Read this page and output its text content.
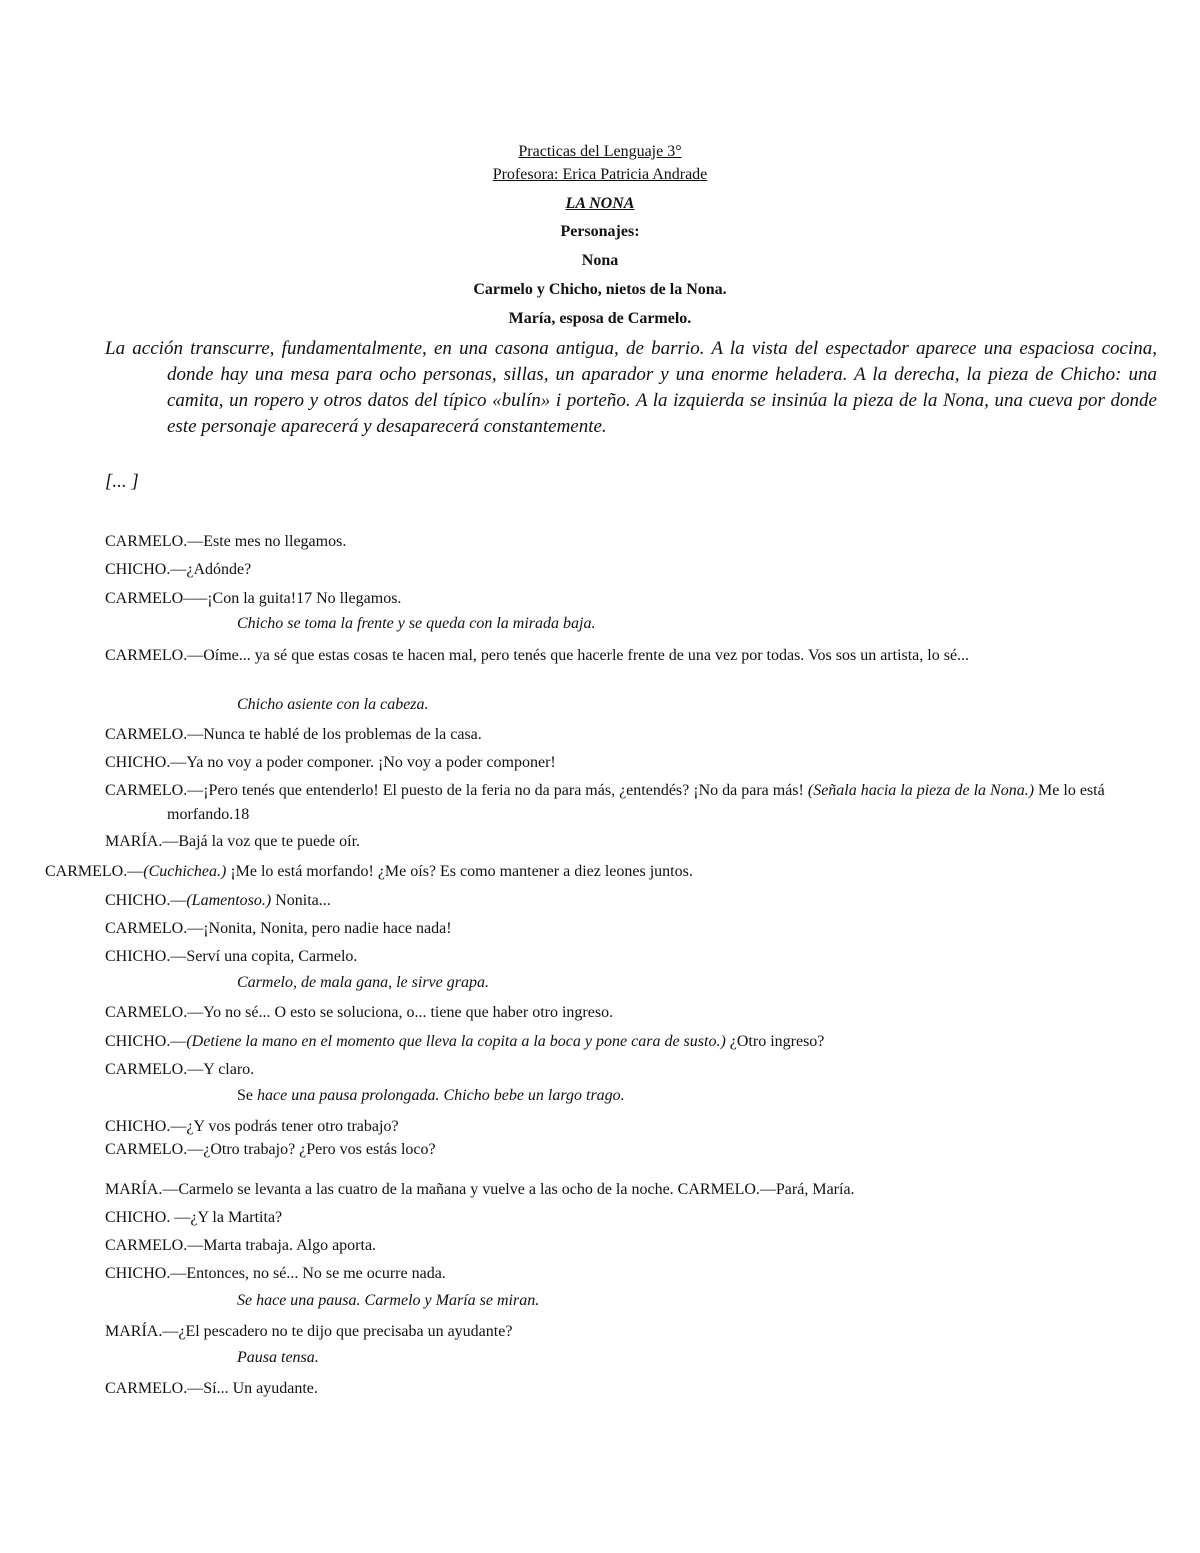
Practicas del Lenguaje 3°
Profesora: Erica Patricia Andrade
LA NONA
Personajes:
Nona
Carmelo y Chicho, nietos de la Nona.
María, esposa de Carmelo.
La acción transcurre, fundamentalmente, en una casona antigua, de barrio. A la vista del espectador aparece una espaciosa cocina, donde hay una mesa para ocho personas, sillas, un aparador y una enorme heladera. A la derecha, la pieza de Chicho: una camita, un ropero y otros datos del típico «bulín» i porteño. A la izquierda se insinúa la pieza de la Nona, una cueva por donde este personaje aparecerá y desaparecerá constantemente.
[... ]
CARMELO.—Este mes no llegamos.
CHICHO.—¿Adónde?
CARMELO—–¡Con la guita!17 No llegamos.
Chicho se toma la frente y se queda con la mirada baja.
CARMELO.—Oíme... ya sé que estas cosas te hacen mal, pero tenés que hacerle frente de una vez por todas. Vos sos un artista, lo sé...
Chicho asiente con la cabeza.
CARMELO.—Nunca te hablé de los problemas de la casa.
CHICHO.—Ya no voy a poder componer. ¡No voy a poder componer!
CARMELO.—¡Pero tenés que entenderlo! El puesto de la feria no da para más, ¿entendés? ¡No da para más! (Señala hacia la pieza de la Nona.) Me lo está morfando.18
MARÍA.—Bajá la voz que te puede oír.
CARMELO.—(Cuchichea.) ¡Me lo está morfando! ¿Me oís? Es como mantener a diez leones juntos.
CHICHO.—(Lamentoso.) Nonita...
CARMELO.—¡Nonita, Nonita, pero nadie hace nada!
CHICHO.—Serví una copita, Carmelo.
Carmelo, de mala gana, le sirve grapa.
CARMELO.—Yo no sé... O esto se soluciona, o... tiene que haber otro ingreso.
CHICHO.—(Detiene la mano en el momento que lleva la copita a la boca y pone cara de susto.) ¿Otro ingreso?
CARMELO.—Y claro.
Se hace una pausa prolongada. Chicho bebe un largo trago.
CHICHO.—¿Y vos podrás tener otro trabajo?
CARMELO.—¿Otro trabajo? ¿Pero vos estás loco?
MARÍA.—Carmelo se levanta a las cuatro de la mañana y vuelve a las ocho de la noche. CARMELO.—Pará, María.
CHICHO. —¿Y la Martita?
CARMELO.—Marta trabaja. Algo aporta.
CHICHO.—Entonces, no sé... No se me ocurre nada.
Se hace una pausa. Carmelo y María se miran.
MARÍA.—¿El pescadero no te dijo que precisaba un ayudante?
Pausa tensa.
CARMELO.—Sí... Un ayudante.
